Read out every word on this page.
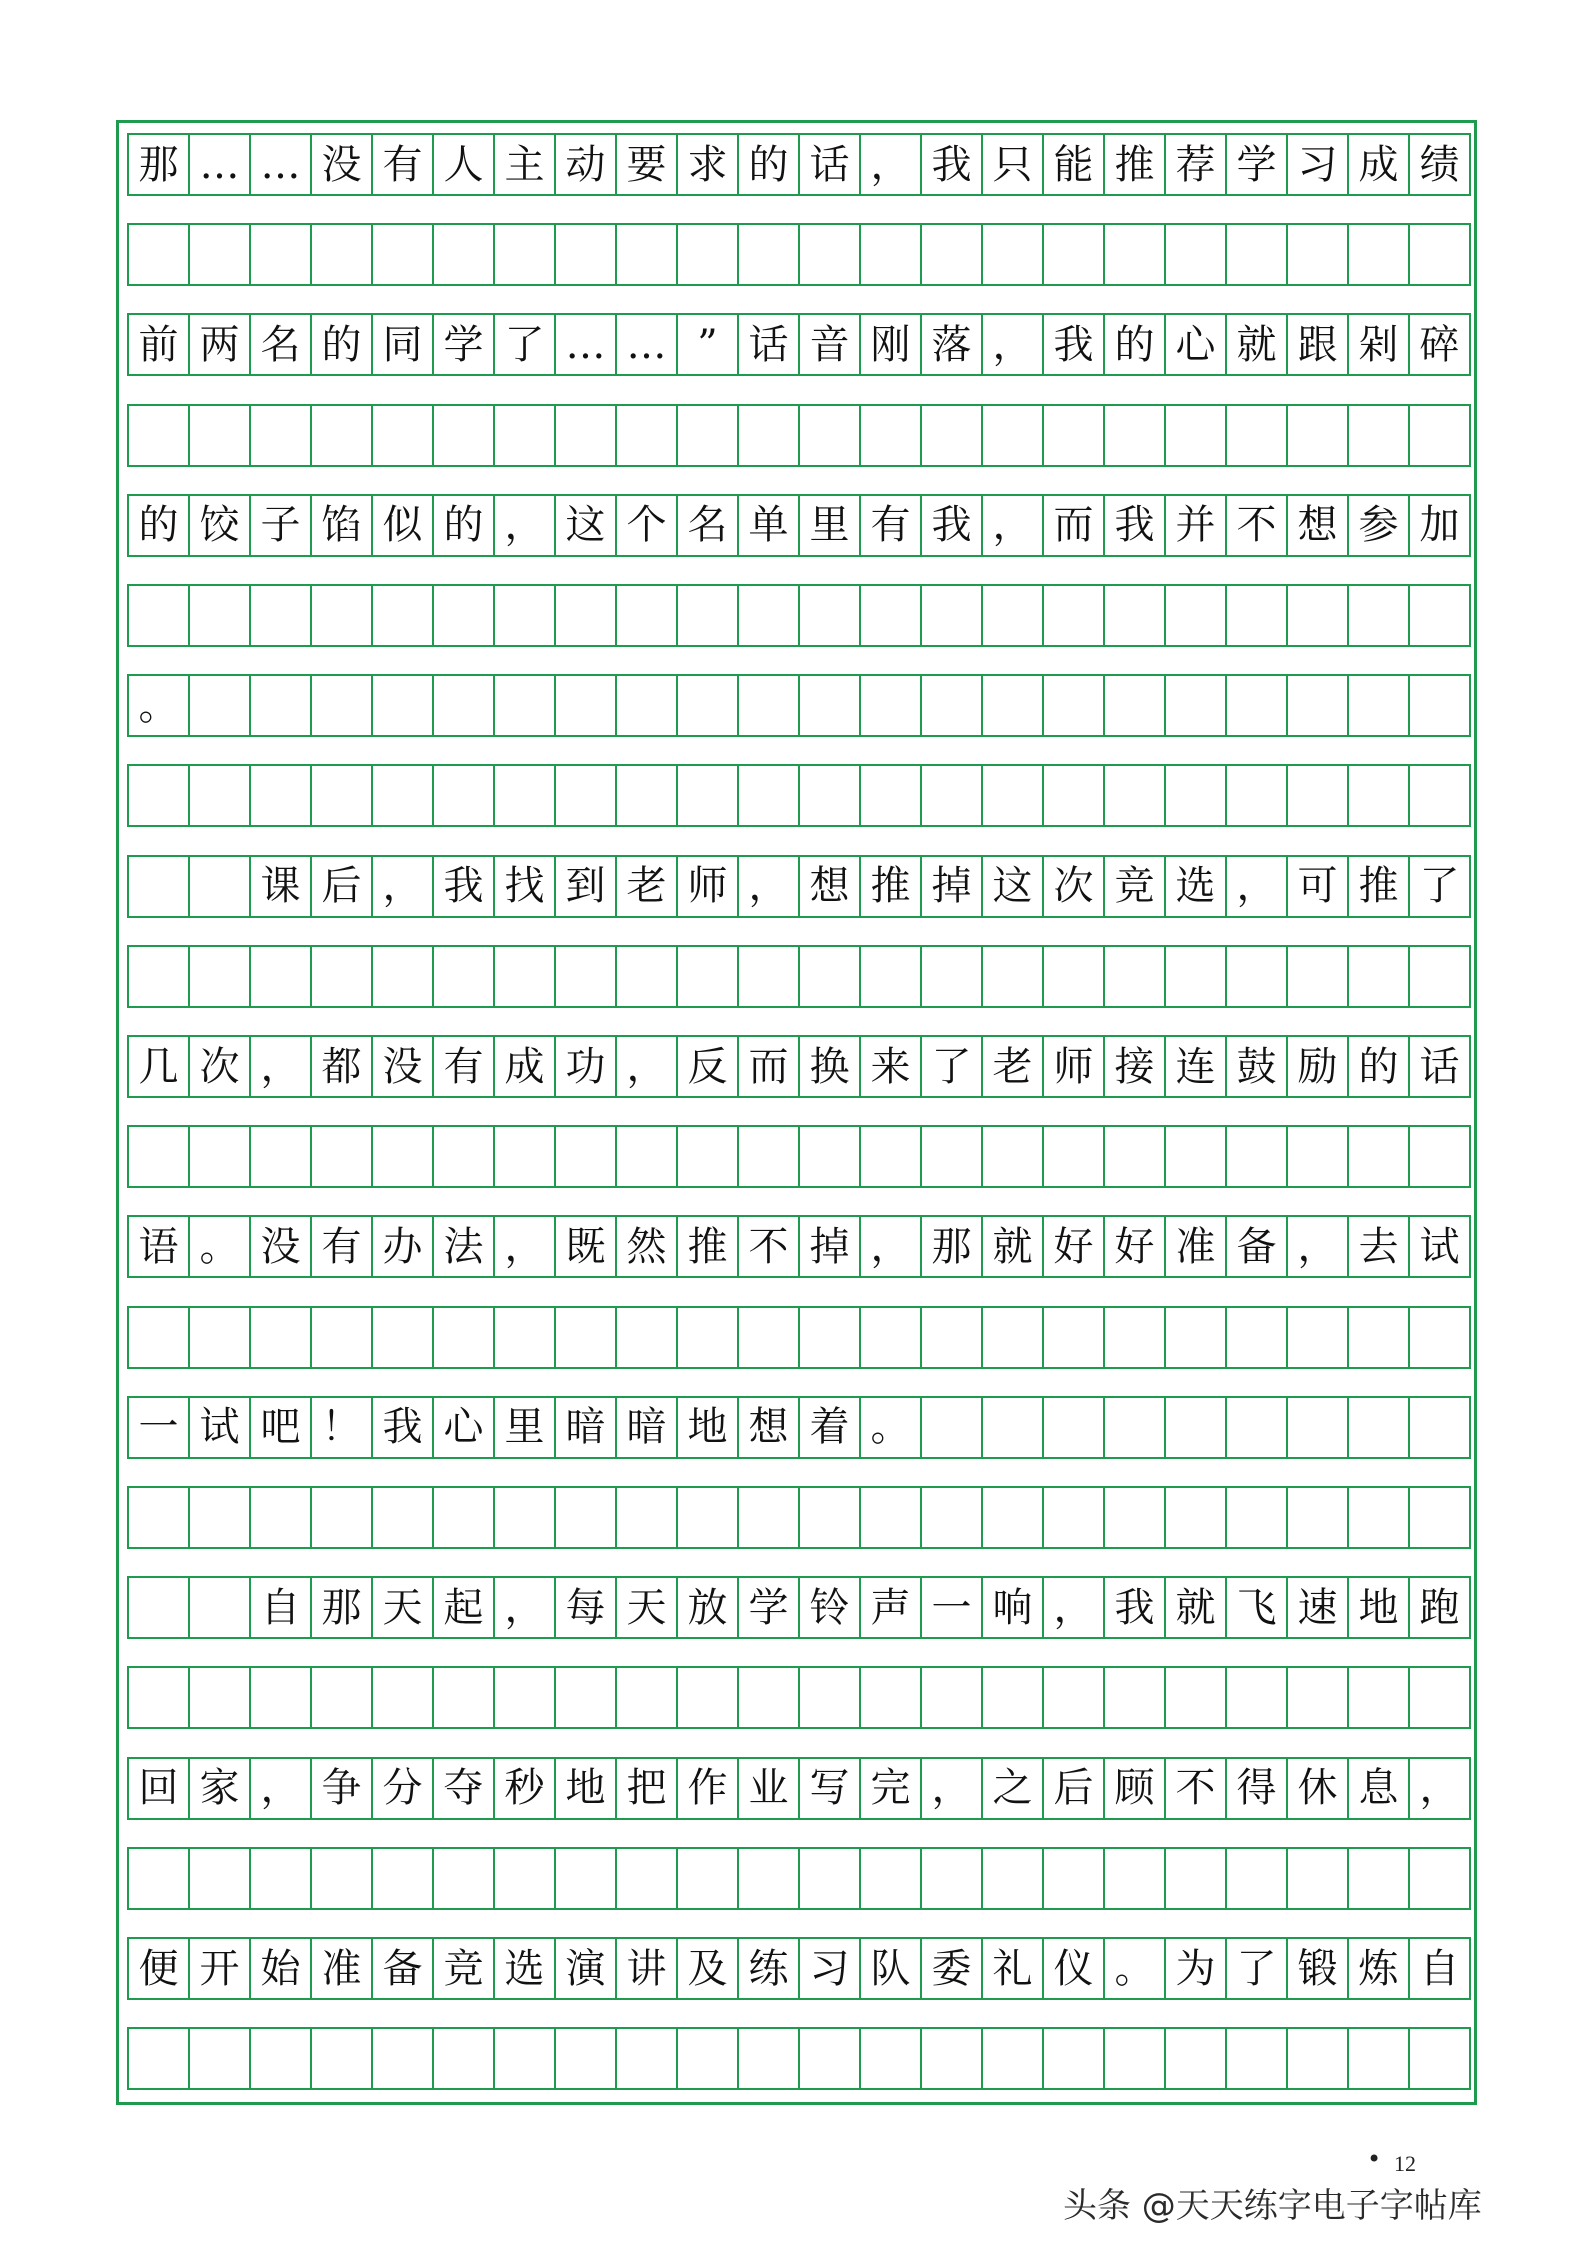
那 … … 没 有 人 主 动 要 求 的 话 ， 我 只 能 推 荐 学 习 成 绩
前 两 名 的 同 学 了 … … ” 话 音 刚 落 ， 我 的 心 就 跟 剁 碎
的 饺 子 馅 似 的 ， 这 个 名 单 里 有 我 ， 而 我 并 不 想 参 加
。
课 后 ， 我 找 到 老 师 ， 想 推 掉 这 次 竞 选 ， 可 推 了
几 次 ， 都 没 有 成 功 ， 反 而 换 来 了 老 师 接 连 鼓 励 的 话
语 。 没 有 办 法 ， 既 然 推 不 掉 ， 那 就 好 好 准 备 ， 去 试
一 试 吧 ！ 我 心 里 暗 暗 地 想 着 。
自 那 天 起 ， 每 天 放 学 铃 声 一 响 ， 我 就 飞 速 地 跑
回 家 ， 争 分 夺 秒 地 把 作 业 写 完 ， 之 后 顾 不 得 休 息 ，
便 开 始 准 备 竞 选 演 讲 及 练 习 队 委 礼 仪 。 为 了 锻 炼 自
• 12
头条 @天天练字电子字帖库
